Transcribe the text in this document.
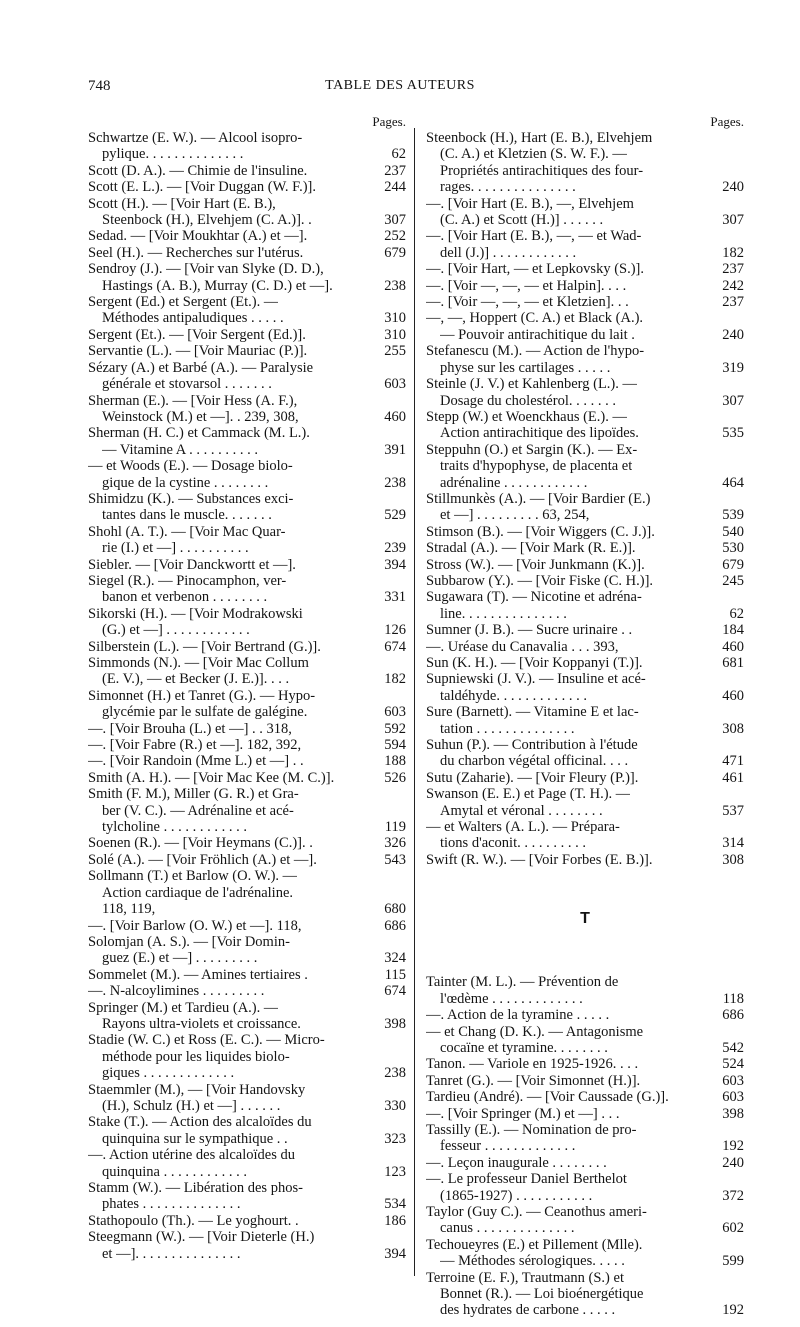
748	TABLE DES AUTEURS
Pages.
Schwartze (E. W.). — Alcool isopro-
pylique. . . . . . . . . . . . . .	62
Scott (D. A.). — Chimie de l'insuline.	237
Scott (E. L.). — [Voir Duggan (W. F.)].	244
Scott (H.). — [Voir Hart (E. B.),
Steenbock (H.), Elvehjem (C. A.)]. .	307
Sedad. — [Voir Moukhtar (A.) et —].	252
Seel (H.). — Recherches sur l'utérus.	679
Sendroy (J.). — [Voir van Slyke (D. D.),
Hastings (A. B.), Murray (C. D.) et —].	238
Sergent (Ed.) et Sergent (Et.). —
Méthodes antipaludiques . . . . .	310
Sergent (Et.). — [Voir Sergent (Ed.)].	310
Servantie (L.). — [Voir Mauriac (P.)].	255
Sézary (A.) et Barbé (A.). — Paralysie
générale et stovarsol . . . . . . .	603
Sherman (E.). — [Voir Hess (A. F.),
Weinstock (M.) et —]. . 239, 308,	460
Sherman (H. C.) et Cammack (M. L.).
— Vitamine A . . . . . . . . . .	391
— et Woods (E.). — Dosage biolo-
gique de la cystine . . . . . . . .	238
Shimidzu (K.). — Substances exci-
tantes dans le muscle. . . . . . .	529
Shohl (A. T.). — [Voir Mac Quar-
rie (I.) et —] . . . . . . . . . .	239
Siebler. — [Voir Danckwortt et —].	394
Siegel (R.). — Pinocamphon, ver-
banon et verbenon . . . . . . . .	331
Sikorski (H.). — [Voir Modrakowski
(G.) et —] . . . . . . . . . . . .	126
Silberstein (L.). — [Voir Bertrand (G.)].	674
Simmonds (N.). — [Voir Mac Collum
(E. V.), — et Becker (J. E.)]. . . .	182
Simonnet (H.) et Tanret (G.). — Hypo-
glycémie par le sulfate de galégine.	603
—. [Voir Brouha (L.) et —] . . 318,	592
—. [Voir Fabre (R.) et —]. 182, 392,	594
—. [Voir Randoin (Mme L.) et —] . .	188
Smith (A. H.). — [Voir Mac Kee (M. C.)].	526
Smith (F. M.), Miller (G. R.) et Gra-
ber (V. C.). — Adrénaline et acé-
tylcholine . . . . . . . . . . . .	119
Soenen (R.). — [Voir Heymans (C.)]. .	326
Solé (A.). — [Voir Fröhlich (A.) et —].	543
Sollmann (T.) et Barlow (O. W.). —
Action cardiaque de l'adrénaline.
118, 119,	680
—. [Voir Barlow (O. W.) et —]. 118,	686
Solomjan (A. S.). — [Voir Domin-
guez (E.) et —] . . . . . . . . .	324
Sommelet (M.). — Amines tertiaires .	115
—. N-alcoylimines . . . . . . . . .	674
Springer (M.) et Tardieu (A.). —
Rayons ultra-violets et croissance.	398
Stadie (W. C.) et Ross (E. C.). — Micro-
méthode pour les liquides biolo-
giques . . . . . . . . . . . . .	238
Staemmler (M.), — [Voir Handovsky
(H.), Schulz (H.) et —] . . . . . .	330
Stake (T.). — Action des alcaloïdes du
quinquina sur le sympathique . .	323
—. Action utérine des alcaloïdes du
quinquina . . . . . . . . . . . .	123
Stamm (W.). — Libération des phos-
phates . . . . . . . . . . . . . .	534
Stathopoulo (Th.). — Le yoghourt. .	186
Steegmann (W.). — [Voir Dieterle (H.)
et —]. . . . . . . . . . . . . . .	394
Pages.
Steenbock (H.), Hart (E. B.), Elvehjem
(C. A.) et Kletzien (S. W. F.). —
Propriétés antirachitiques des four-
rages. . . . . . . . . . . . . . .	240
—. [Voir Hart (E. B.), —, Elvehjem
(C. A.) et Scott (H.)] . . . . . .	307
—. [Voir Hart (E. B.), —, — et Wad-
dell (J.)] . . . . . . . . . . . .	182
—. [Voir Hart, — et Lepkovsky (S.)].	237
—. [Voir —, —, — et Halpin]. . . .	242
—. [Voir —, —, — et Kletzien]. . .	237
—, —, Hoppert (C. A.) et Black (A.).
— Pouvoir antirachitique du lait .	240
Stefanescu (M.). — Action de l'hypo-
physe sur les cartilages . . . . .	319
Steinle (J. V.) et Kahlenberg (L.). —
Dosage du cholestérol. . . . . . .	307
Stepp (W.) et Woenckhaus (E.). —
Action antirachitique des lipoïdes.	535
Steppuhn (O.) et Sargin (K.). — Ex-
traits d'hypophyse, de placenta et
adrénaline . . . . . . . . . . . .	464
Stillmunkès (A.). — [Voir Bardier (E.)
et —] . . . . . . . . . 63, 254,	539
Stimson (B.). — [Voir Wiggers (C. J.)].	540
Stradal (A.). — [Voir Mark (R. E.)].	530
Stross (W.). — [Voir Junkmann (K.)].	679
Subbarow (Y.). — [Voir Fiske (C. H.)].	245
Sugawara (T). — Nicotine et adréna-
line. . . . . . . . . . . . . . .	62
Sumner (J. B.). — Sucre urinaire . .	184
—. Uréase du Canavalia . . . 393,	460
Sun (K. H.). — [Voir Koppanyi (T.)].	681
Supniewski (J. V.). — Insuline et acé-
taldéhyde. . . . . . . . . . . . .	460
Sure (Barnett). — Vitamine E et lac-
tation . . . . . . . . . . . . . .	308
Suhun (P.). — Contribution à l'étude
du charbon végétal officinal. . . .	471
Sutu (Zaharie). — [Voir Fleury (P.)].	461
Swanson (E. E.) et Page (T. H.). —
Amytal et véronal . . . . . . . .	537
— et Walters (A. L.). — Prépara-
tions d'aconit. . . . . . . . . .	314
Swift (R. W.). — [Voir Forbes (E. B.)].	308
T
Tainter (M. L.). — Prévention de
l'œdème . . . . . . . . . . . . .	118
—. Action de la tyramine . . . . .	686
— et Chang (D. K.). — Antagonisme
cocaïne et tyramine. . . . . . . .	542
Tanon. — Variole en 1925-1926. . . .	524
Tanret (G.). — [Voir Simonnet (H.)].	603
Tardieu (André). — [Voir Caussade (G.)].	603
—. [Voir Springer (M.) et —] . . .	398
Tassilly (E.). — Nomination de pro-
fesseur . . . . . . . . . . . . .	192
—. Leçon inaugurale . . . . . . . .	240
—. Le professeur Daniel Berthelot
(1865-1927) . . . . . . . . . . .	372
Taylor (Guy C.). — Ceanothus ameri-
canus . . . . . . . . . . . . . .	602
Techoueyres (E.) et Pillement (Mlle).
— Méthodes sérologiques. . . . .	599
Terroine (E. F.), Trautmann (S.) et
Bonnet (R.). — Loi bioénergétique
des hydrates de carbone . . . . .	192
